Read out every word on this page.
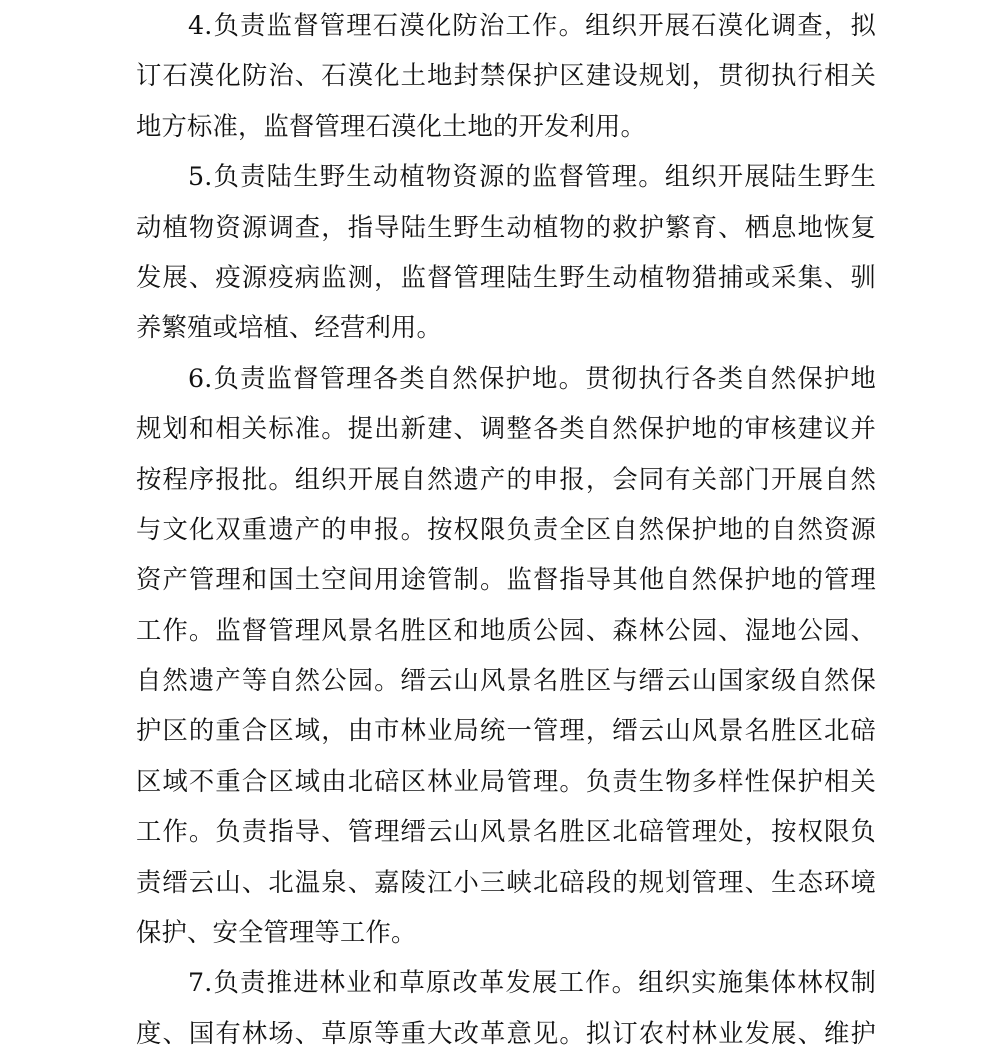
4.负责监督管理石漠化防治工作。组织开展石漠化调查，拟
订石漠化防治、石漠化土地封禁保护区建设规划，贯彻执行相关
地方标准，监督管理石漠化土地的开发利用。
5.负责陆生野生动植物资源的监督管理。组织开展陆生野生
动植物资源调查，指导陆生野生动植物的救护繁育、栖息地恢复
发展、疫源疫病监测，监督管理陆生野生动植物猎捕或采集、驯
养繁殖或培植、经营利用。
6.负责监督管理各类自然保护地。贯彻执行各类自然保护地
规划和相关标准。提出新建、调整各类自然保护地的审核建议并
按程序报批。组织开展自然遗产的申报，会同有关部门开展自然
与文化双重遗产的申报。按权限负责全区自然保护地的自然资源
资产管理和国土空间用途管制。监督指导其他自然保护地的管理
工作。监督管理风景名胜区和地质公园、森林公园、湿地公园、
自然遗产等自然公园。缙云山风景名胜区与缙云山国家级自然保
护区的重合区域，由市林业局统一管理，缙云山风景名胜区北碚
区域不重合区域由北碚区林业局管理。负责生物多样性保护相关
工作。负责指导、管理缙云山风景名胜区北碚管理处，按权限负
责缙云山、北温泉、嘉陵江小三峡北碚段的规划管理、生态环境
保护、安全管理等工作。
7.负责推进林业和草原改革发展工作。组织实施集体林权制
度、国有林场、草原等重大改革意见。拟订农村林业发展、维护
